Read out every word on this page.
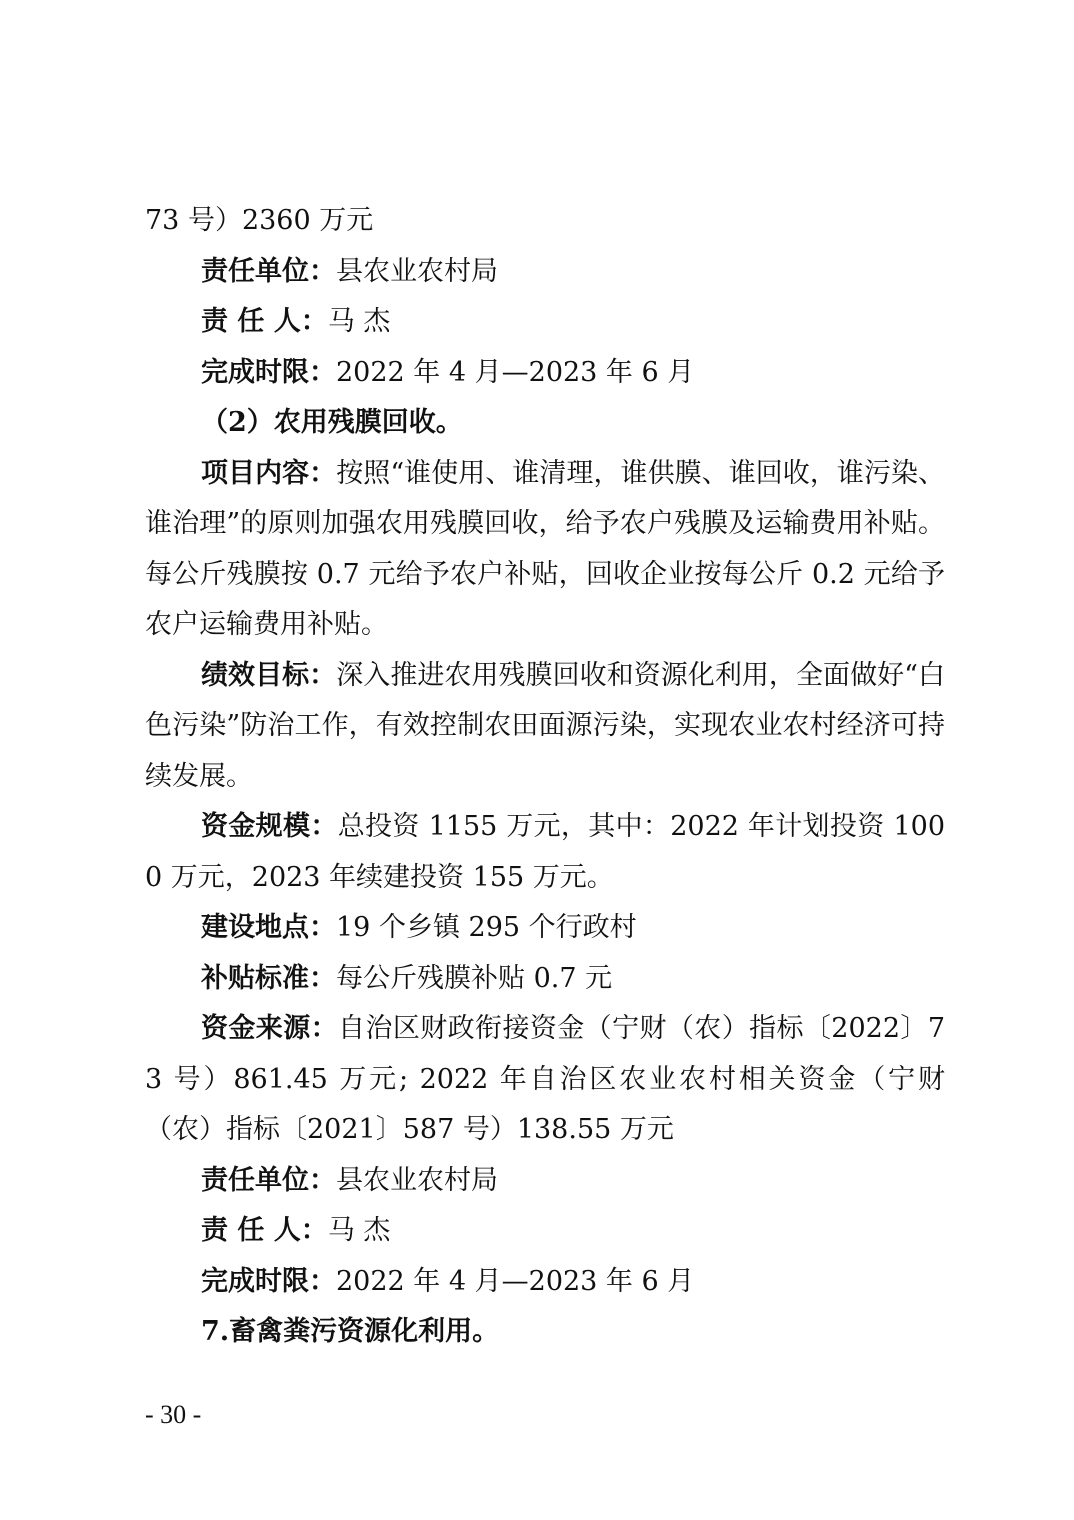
73 号）2360 万元

责任单位：县农业农村局

责 任 人：马 杰

完成时限：2022 年 4 月—2023 年 6 月

（2）农用残膜回收。

项目内容：按照“谁使用、谁清理，谁供膜、谁回收，谁污染、谁治理”的原则加强农用残膜回收，给予农户残膜及运输费用补贴。每公斤残膜按 0.7 元给予农户补贴，回收企业按每公斤 0.2 元给予农户运输费用补贴。

绩效目标：深入推进农用残膜回收和资源化利用，全面做好“白色污染”防治工作，有效控制农田面源污染，实现农业农村经济可持续发展。

资金规模：总投资 1155 万元，其中：2022 年计划投资 1000 万元，2023 年续建投资 155 万元。

建设地点：19 个乡镇 295 个行政村

补贴标准：每公斤残膜补贴 0.7 元

资金来源：自治区财政衔接资金（宁财（农）指标〔2022〕73 号）861.45 万元; 2022 年自治区农业农村相关资金（宁财（农）指标〔2021〕587 号）138.55 万元

责任单位：县农业农村局

责 任 人：马 杰

完成时限：2022 年 4 月—2023 年 6 月

7.畜禽粪污资源化利用。

- 30 -
